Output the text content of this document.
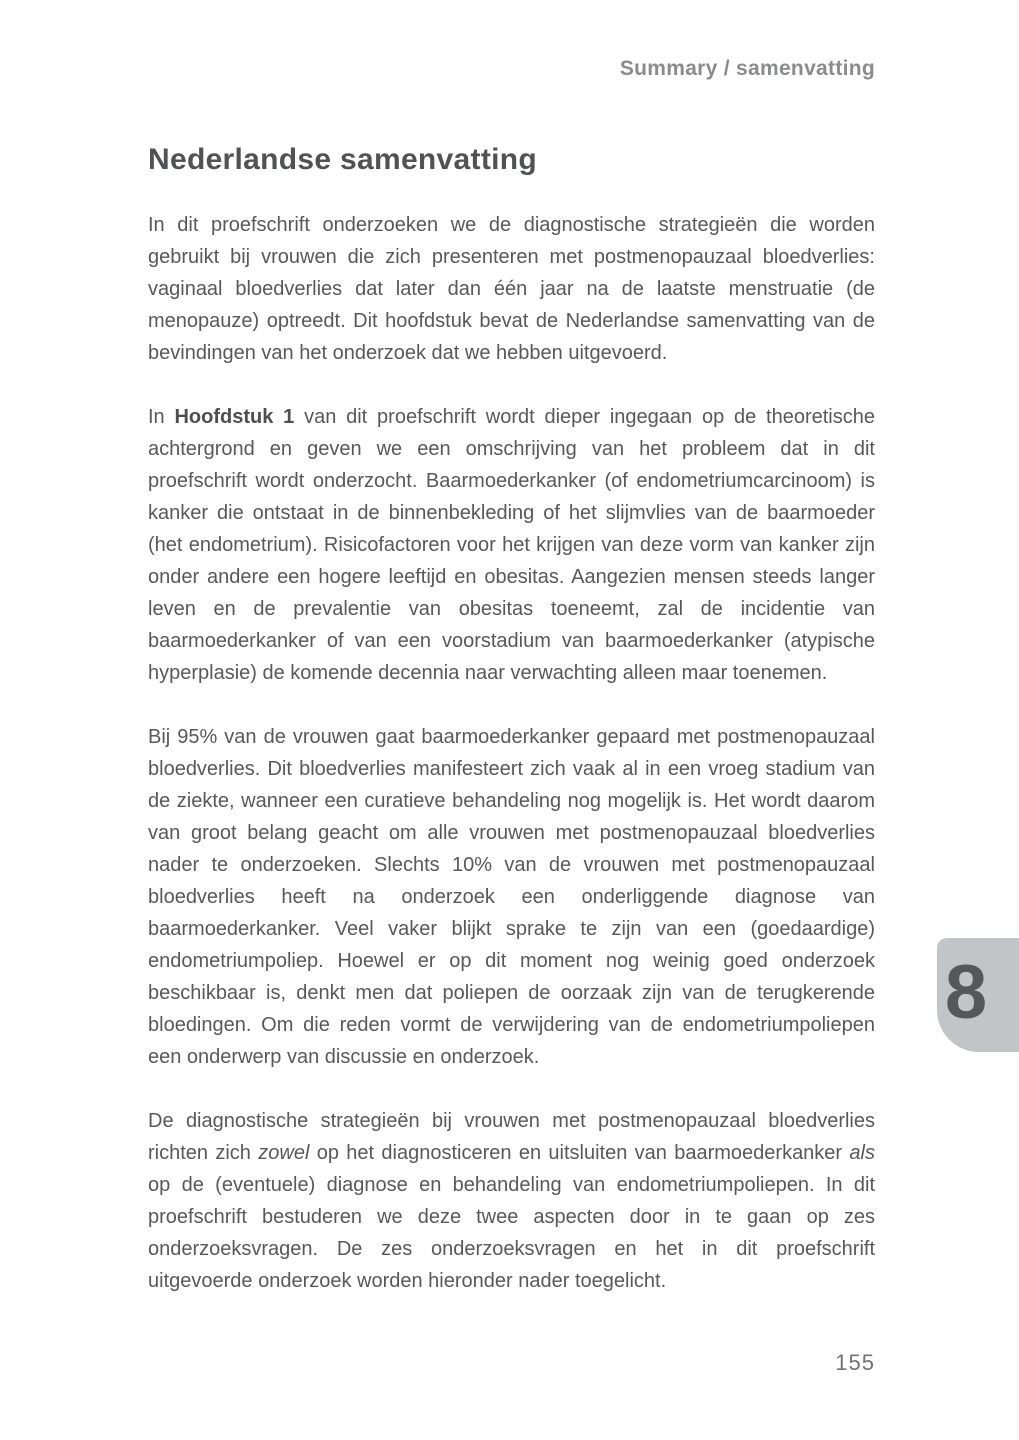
Summary / samenvatting
Nederlandse samenvatting

In dit proefschrift onderzoeken we de diagnostische strategieën die worden gebruikt bij vrouwen die zich presenteren met postmenopauzaal bloedverlies: vaginaal bloedverlies dat later dan één jaar na de laatste menstruatie (de menopauze) optreedt. Dit hoofdstuk bevat de Nederlandse samenvatting van de bevindingen van het onderzoek dat we hebben uitgevoerd.

In Hoofdstuk 1 van dit proefschrift wordt dieper ingegaan op de theoretische achtergrond en geven we een omschrijving van het probleem dat in dit proefschrift wordt onderzocht. Baarmoederkanker (of endometriumcarcinoom) is kanker die ontstaat in de binnenbekleding of het slijmvlies van de baarmoeder (het endometrium). Risicofactoren voor het krijgen van deze vorm van kanker zijn onder andere een hogere leeftijd en obesitas. Aangezien mensen steeds langer leven en de prevalentie van obesitas toeneemt, zal de incidentie van baarmoederkanker of van een voorstadium van baarmoederkanker (atypische hyperplasie) de komende decennia naar verwachting alleen maar toenemen.

Bij 95% van de vrouwen gaat baarmoederkanker gepaard met postmenopauzaal bloedverlies. Dit bloedverlies manifesteert zich vaak al in een vroeg stadium van de ziekte, wanneer een curatieve behandeling nog mogelijk is. Het wordt daarom van groot belang geacht om alle vrouwen met postmenopauzaal bloedverlies nader te onderzoeken. Slechts 10% van de vrouwen met postmenopauzaal bloedverlies heeft na onderzoek een onderliggende diagnose van baarmoederkanker. Veel vaker blijkt sprake te zijn van een (goedaardige) endometriumpoliep. Hoewel er op dit moment nog weinig goed onderzoek beschikbaar is, denkt men dat poliepen de oorzaak zijn van de terugkerende bloedingen. Om die reden vormt de verwijdering van de endometriumpoliepen een onderwerp van discussie en onderzoek.

De diagnostische strategieën bij vrouwen met postmenopauzaal bloedverlies richten zich zowel op het diagnosticeren en uitsluiten van baarmoederkanker als op de (eventuele) diagnose en behandeling van endometriumpoliepen. In dit proefschrift bestuderen we deze twee aspecten door in te gaan op zes onderzoeksvragen. De zes onderzoeksvragen en het in dit proefschrift uitgevoerde onderzoek worden hieronder nader toegelicht.

155
8
